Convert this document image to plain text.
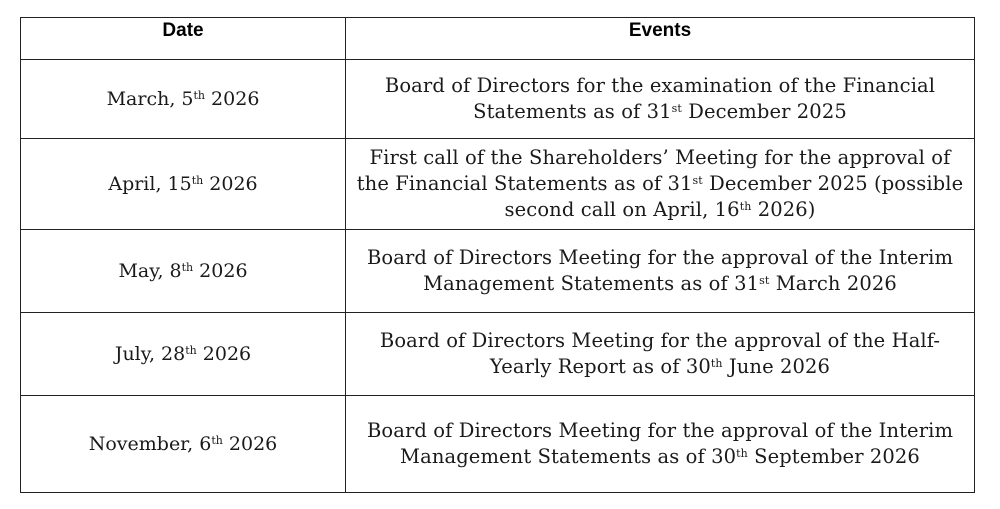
Date	Events
March, 5th 2026	Board of Directors for the examination of the Financial
Statements as of 31st December 2025

April, 15th 2026	First call of the Shareholders’ Meeting for the approval of
the Financial Statements as of 31st December 2025 (possible
second call on April, 16th 2026)

May, 8th 2026	Board of Directors Meeting for the approval of the Interim
Management Statements as of 31st March 2026

July, 28th 2026	Board of Directors Meeting for the approval of the Half-
Yearly Report as of 30th June 2026

November, 6th 2026	Board of Directors Meeting for the approval of the Interim
Management Statements as of 30th September 2026
